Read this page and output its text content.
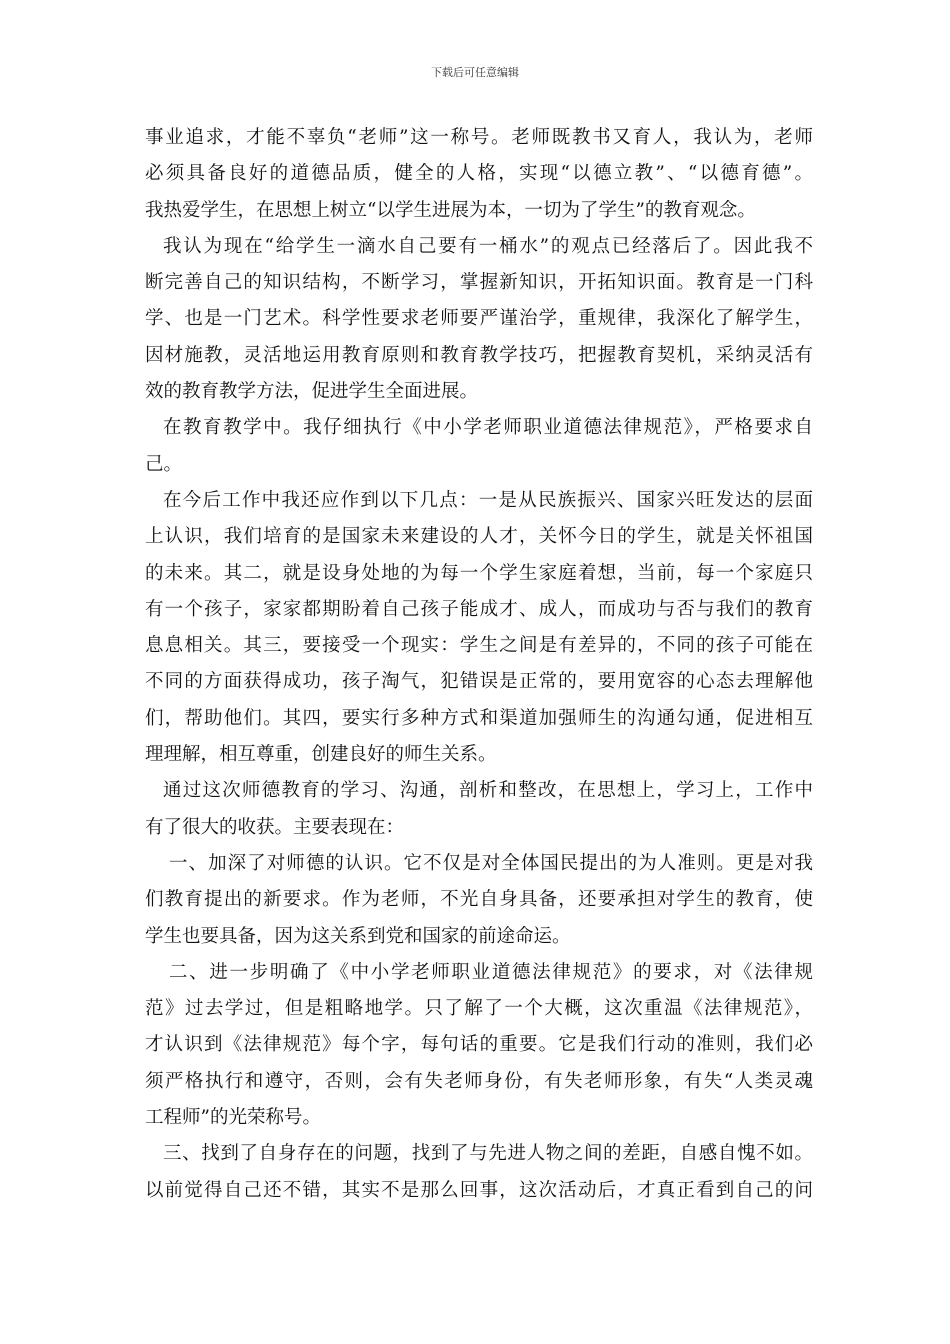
下载后可任意编辑
事业追求，才能不辜负“老师”这一称号。老师既教书又育人，我认为，老师
必须具备良好的道德品质，健全的人格，实现“以德立教”、“以德育德”。
我热爱学生，在思想上树立“以学生进展为本，一切为了学生”的教育观念。
我认为现在“给学生一滴水自己要有一桶水”的观点已经落后了。因此我不
断完善自己的知识结构，不断学习，掌握新知识，开拓知识面。教育是一门科
学、也是一门艺术。科学性要求老师要严谨治学，重规律，我深化了解学生，
因材施教，灵活地运用教育原则和教育教学技巧，把握教育契机，采纳灵活有
效的教育教学方法，促进学生全面进展。
在教育教学中。我仔细执行《中小学老师职业道德法律规范》，严格要求自
己。
在今后工作中我还应作到以下几点：一是从民族振兴、国家兴旺发达的层面
上认识，我们培育的是国家未来建设的人才，关怀今日的学生，就是关怀祖国
的未来。其二，就是设身处地的为每一个学生家庭着想，当前，每一个家庭只
有一个孩子，家家都期盼着自己孩子能成才、成人，而成功与否与我们的教育
息息相关。其三，要接受一个现实：学生之间是有差异的，不同的孩子可能在
不同的方面获得成功，孩子淘气，犯错误是正常的，要用宽容的心态去理解他
们，帮助他们。其四，要实行多种方式和渠道加强师生的沟通勾通，促进相互
理理解，相互尊重，创建良好的师生关系。
通过这次师德教育的学习、沟通，剖析和整改，在思想上，学习上，工作中
有了很大的收获。主要表现在：
一、加深了对师德的认识。它不仅是对全体国民提出的为人准则。更是对我
们教育提出的新要求。作为老师，不光自身具备，还要承担对学生的教育，使
学生也要具备，因为这关系到党和国家的前途命运。
二、进一步明确了《中小学老师职业道德法律规范》的要求，对《法律规
范》过去学过，但是粗略地学。只了解了一个大概，这次重温《法律规范》，
才认识到《法律规范》每个字，每句话的重要。它是我们行动的准则，我们必
须严格执行和遵守，否则，会有失老师身份，有失老师形象，有失“人类灵魂
工程师”的光荣称号。
三、找到了自身存在的问题，找到了与先进人物之间的差距，自感自愧不如。
以前觉得自己还不错，其实不是那么回事，这次活动后，才真正看到自己的问
